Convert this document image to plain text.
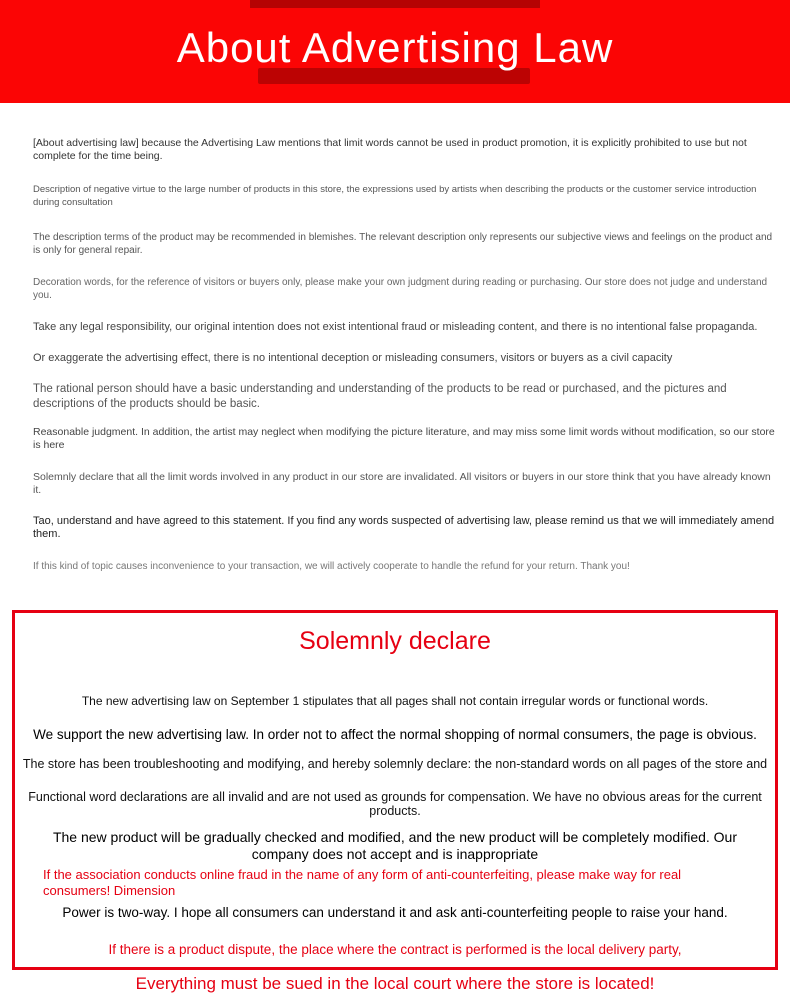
About Advertising Law

[About advertising law] because the Advertising Law mentions that limit words cannot be used in product promotion, it is explicitly prohibited to use but not complete for the time being.

Description of negative virtue to the large number of products in this store, the expressions used by artists when describing the products or the customer service introduction during consultation

The description terms of the product may be recommended in blemishes. The relevant description only represents our subjective views and feelings on the product and is only for general repair.

Decoration words, for the reference of visitors or buyers only, please make your own judgment during reading or purchasing. Our store does not judge and understand you.

Take any legal responsibility, our original intention does not exist intentional fraud or misleading content, and there is no intentional false propaganda.

Or exaggerate the advertising effect, there is no intentional deception or misleading consumers, visitors or buyers as a civil capacity

The rational person should have a basic understanding and understanding of the products to be read or purchased, and the pictures and descriptions of the products should be basic.

Reasonable judgment. In addition, the artist may neglect when modifying the picture literature, and may miss some limit words without modification, so our store is here

Solemnly declare that all the limit words involved in any product in our store are invalidated. All visitors or buyers in our store think that you have already known it.

Tao, understand and have agreed to this statement. If you find any words suspected of advertising law, please remind us that we will immediately amend them.

If this kind of topic causes inconvenience to your transaction, we will actively cooperate to handle the refund for your return. Thank you!

Solemnly declare

The new advertising law on September 1 stipulates that all pages shall not contain irregular words or functional words.

We support the new advertising law. In order not to affect the normal shopping of normal consumers, the page is obvious.

The store has been troubleshooting and modifying, and hereby solemnly declare: the non-standard words on all pages of the store and

Functional word declarations are all invalid and are not used as grounds for compensation. We have no obvious areas for the current products.

The new product will be gradually checked and modified, and the new product will be completely modified. Our company does not accept and is inappropriate

If the association conducts online fraud in the name of any form of anti-counterfeiting, please make way for real consumers! Dimension

Power is two-way. I hope all consumers can understand it and ask anti-counterfeiting people to raise your hand.

If there is a product dispute, the place where the contract is performed is the local delivery party,

Everything must be sued in the local court where the store is located!
